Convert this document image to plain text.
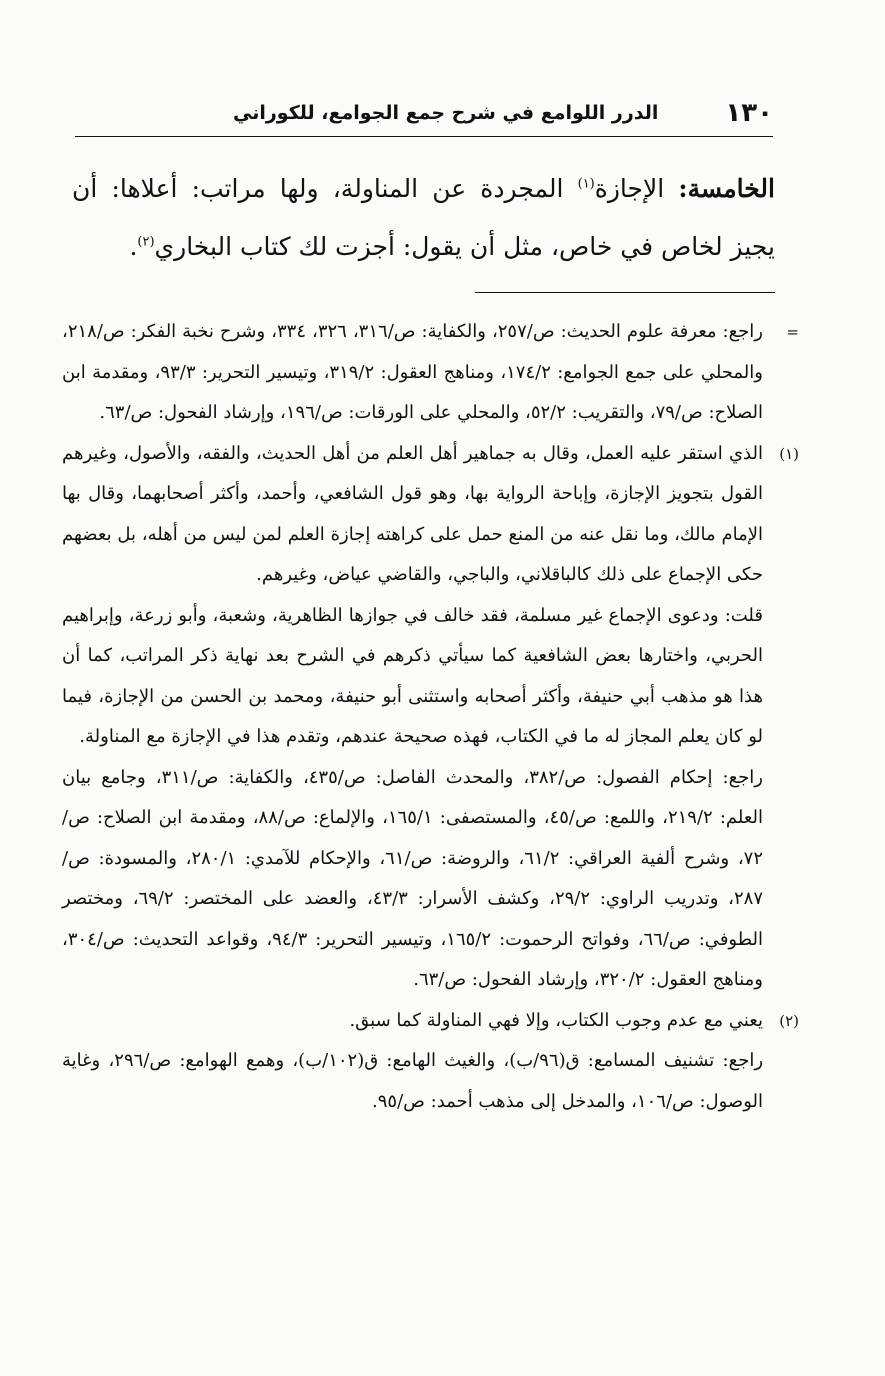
١٣٠
الدرر اللوامع في شرح جمع الجوامع، للكوراني

الخامسة: الإجازة$^{(١)}$ المجردة عن المناولة، ولها مراتب: أعلاها: أن يجيز لخاص في خاص، مثل أن يقول: أجزت لك كتاب البخاري$^{(٢)}$.

=
راجع: معرفة علوم الحديث: ص/٢٥٧، والكفاية: ص/٣١٦، ٣٢٦، ٣٣٤، وشرح نخبة الفكر: ص/٢١٨، والمحلي على جمع الجوامع: ١٧٤/٢، ومناهج العقول: ٣١٩/٢، وتيسير التحرير: ٩٣/٣، ومقدمة ابن الصلاح: ص/٧٩، والتقريب: ٥٢/٢، والمحلي على الورقات: ص/١٩٦، وإرشاد الفحول: ص/٦٣.

(١)
الذي استقر عليه العمل، وقال به جماهير أهل العلم من أهل الحديث، والفقه، والأصول، وغيرهم القول بتجويز الإجازة، وإباحة الرواية بها، وهو قول الشافعي، وأحمد، وأكثر أصحابهما، وقال بها الإمام مالك، وما نقل عنه من المنع حمل على كراهته إجازة العلم لمن ليس من أهله، بل بعضهم حكى الإجماع على ذلك كالباقلاني، والباجي، والقاضي عياض، وغيرهم.

قلت: ودعوى الإجماع غير مسلمة، فقد خالف في جوازها الظاهرية، وشعبة، وأبو زرعة، وإبراهيم الحربي، واختارها بعض الشافعية كما سيأتي ذكرهم في الشرح بعد نهاية ذكر المراتب، كما أن هذا هو مذهب أبي حنيفة، وأكثر أصحابه واستثنى أبو حنيفة، ومحمد بن الحسن من الإجازة، فيما لو كان يعلم المجاز له ما في الكتاب، فهذه صحيحة عندهم، وتقدم هذا في الإجازة مع المناولة.

راجع: إحكام الفصول: ص/٣٨٢، والمحدث الفاصل: ص/٤٣٥، والكفاية: ص/٣١١، وجامع بيان العلم: ٢١٩/٢، واللمع: ص/٤٥، والمستصفى: ١٦٥/١، والإلماع: ص/٨٨، ومقدمة ابن الصلاح: ص/٧٢، وشرح ألفية العراقي: ٦١/٢، والروضة: ص/٦١، والإحكام للآمدي: ٢٨٠/١، والمسودة: ص/٢٨٧، وتدريب الراوي: ٢٩/٢، وكشف الأسرار: ٤٣/٣، والعضد على المختصر: ٦٩/٢، ومختصر الطوفي: ص/٦٦، وفواتح الرحموت: ١٦٥/٢، وتيسير التحرير: ٩٤/٣، وقواعد التحديث: ص/٣٠٤، ومناهج العقول: ٣٢٠/٢، وإرشاد الفحول: ص/٦٣.

(٢)
يعني مع عدم وجوب الكتاب، وإلا فهي المناولة كما سبق.

راجع: تشنيف المسامع: ق(٩٦/ب)، والغيث الهامع: ق(١٠٢/ب)، وهمع الهوامع: ص/٢٩٦، وغاية الوصول: ص/١٠٦، والمدخل إلى مذهب أحمد: ص/٩٥.
